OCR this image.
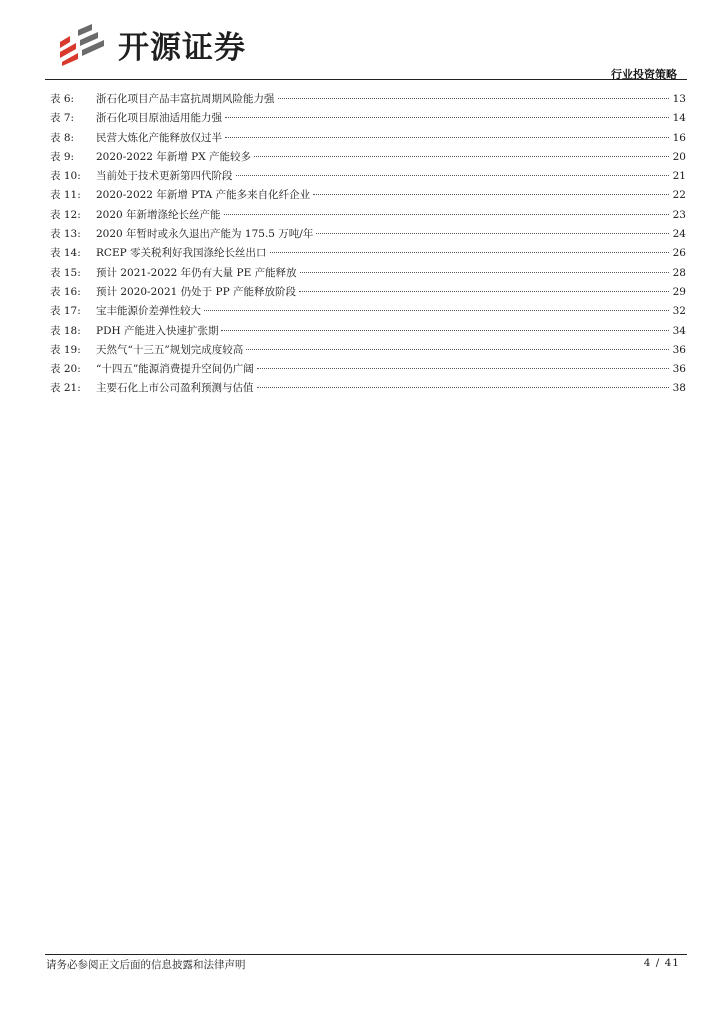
开源证券
行业投资策略
表 6:	浙石化项目产品丰富抗周期风险能力强	13
表 7:	浙石化项目原油适用能力强	14
表 8:	民营大炼化产能释放仅过半	16
表 9:	2020-2022 年新增 PX 产能较多	20
表 10:	当前处于技术更新第四代阶段	21
表 11:	2020-2022 年新增 PTA 产能多来自化纤企业	22
表 12:	2020 年新增涤纶长丝产能	23
表 13:	2020 年暂时或永久退出产能为 175.5 万吨/年	24
表 14:	RCEP 零关税利好我国涤纶长丝出口	26
表 15:	预计 2021-2022 年仍有大量 PE 产能释放	28
表 16:	预计 2020-2021 仍处于 PP 产能释放阶段	29
表 17:	宝丰能源价差弹性较大	32
表 18:	PDH 产能进入快速扩张期	34
表 19:	天然气“十三五”规划完成度较高	36
表 20:	“十四五”能源消费提升空间仍广阔	36
表 21:	主要石化上市公司盈利预测与估值	38
请务必参阅正文后面的信息披露和法律声明	4 / 41
